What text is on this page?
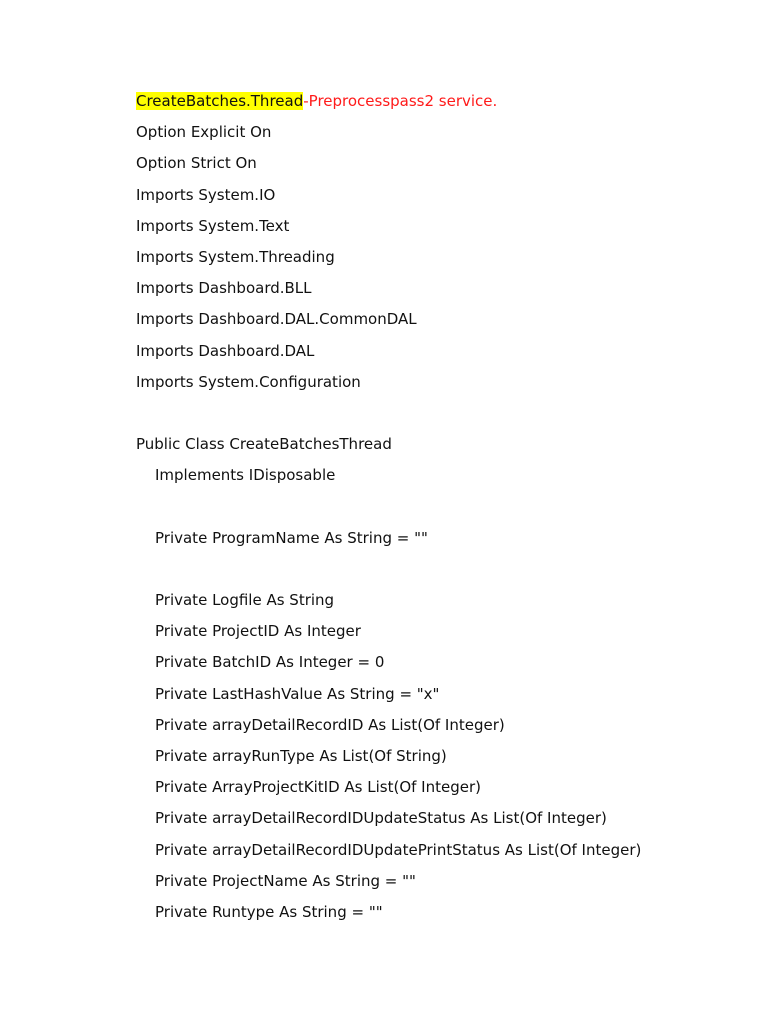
CreateBatches.Thread-Preprocesspass2 service.
Option Explicit On
Option Strict On
Imports System.IO
Imports System.Text
Imports System.Threading
Imports Dashboard.BLL
Imports Dashboard.DAL.CommonDAL
Imports Dashboard.DAL
Imports System.Configuration
Public Class CreateBatchesThread
Implements IDisposable
Private ProgramName As String = ""
Private Logfile As String
Private ProjectID As Integer
Private BatchID As Integer = 0
Private LastHashValue As String = "x"
Private arrayDetailRecordID As List(Of Integer)
Private arrayRunType As List(Of String)
Private ArrayProjectKitID As List(Of Integer)
Private arrayDetailRecordIDUpdateStatus As List(Of Integer)
Private arrayDetailRecordIDUpdatePrintStatus As List(Of Integer)
Private ProjectName As String = ""
Private Runtype As String = ""
